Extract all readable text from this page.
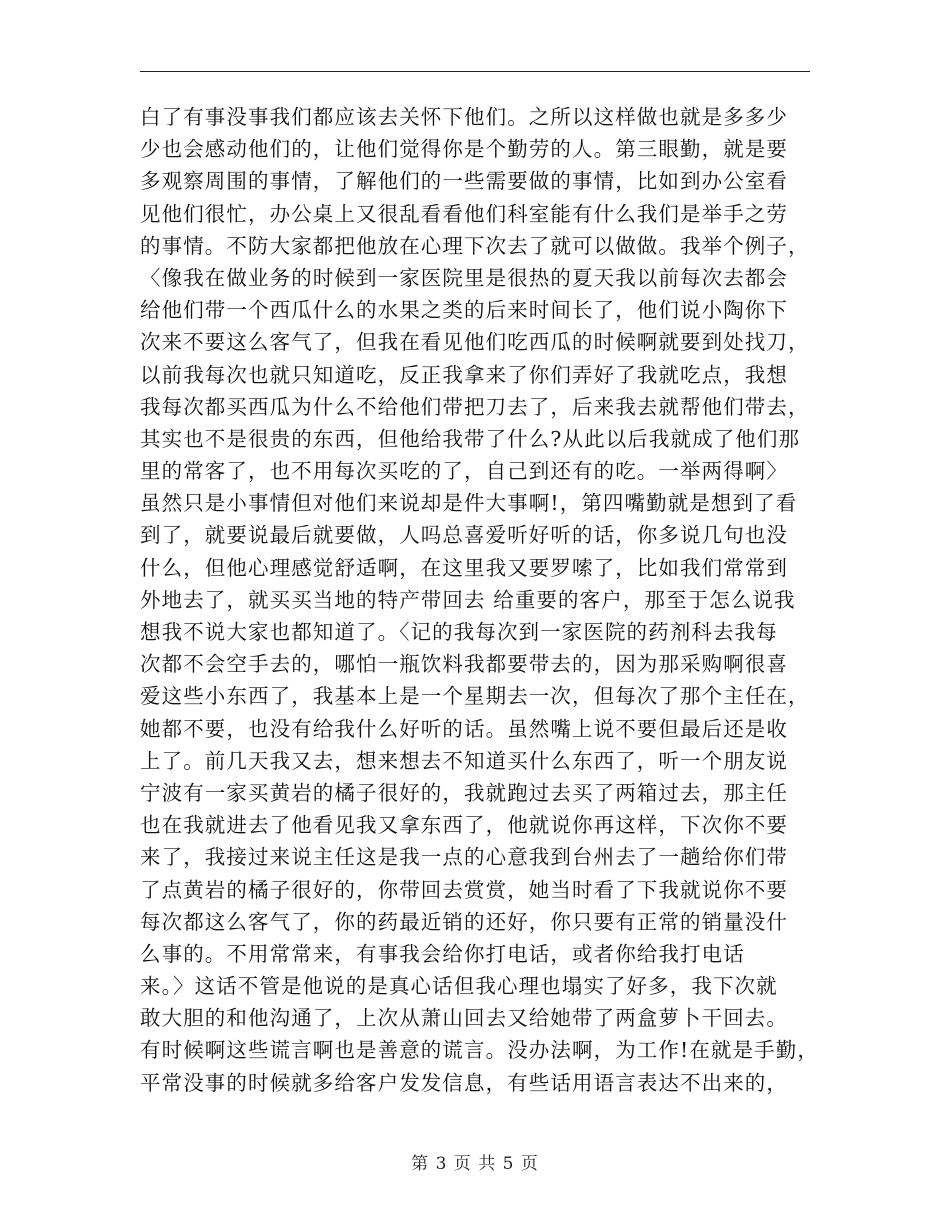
白了有事没事我们都应该去关怀下他们。之所以这样做也就是多多少
少也会感动他们的，让他们觉得你是个勤劳的人。第三眼勤，就是要
多观察周围的事情，了解他们的一些需要做的事情，比如到办公室看
见他们很忙，办公桌上又很乱看看他们科室能有什么我们是举手之劳
的事情。不防大家都把他放在心理下次去了就可以做做。我举个例子，
〈像我在做业务的时候到一家医院里是很热的夏天我以前每次去都会
给他们带一个西瓜什么的水果之类的后来时间长了，他们说小陶你下
次来不要这么客气了，但我在看见他们吃西瓜的时候啊就要到处找刀，
以前我每次也就只知道吃，反正我拿来了你们弄好了我就吃点，我想
我每次都买西瓜为什么不给他们带把刀去了，后来我去就帮他们带去，
其实也不是很贵的东西，但他给我带了什么?从此以后我就成了他们那
里的常客了，也不用每次买吃的了，自己到还有的吃。一举两得啊〉
虽然只是小事情但对他们来说却是件大事啊!，第四嘴勤就是想到了看
到了，就要说最后就要做，人吗总喜爱听好听的话，你多说几句也没
什么，但他心理感觉舒适啊，在这里我又要罗嗦了，比如我们常常到
外地去了，就买买当地的特产带回去 给重要的客户，那至于怎么说我
想我不说大家也都知道了。〈记的我每次到一家医院的药剂科去我每
次都不会空手去的，哪怕一瓶饮料我都要带去的，因为那采购啊很喜
爱这些小东西了，我基本上是一个星期去一次，但每次了那个主任在，
她都不要，也没有给我什么好听的话。虽然嘴上说不要但最后还是收
上了。前几天我又去，想来想去不知道买什么东西了，听一个朋友说
宁波有一家买黄岩的橘子很好的，我就跑过去买了两箱过去，那主任
也在我就进去了他看见我又拿东西了，他就说你再这样，下次你不要
来了，我接过来说主任这是我一点的心意我到台州去了一趟给你们带
了点黄岩的橘子很好的，你带回去赏赏，她当时看了下我就说你不要
每次都这么客气了，你的药最近销的还好，你只要有正常的销量没什
么事的。不用常常来，有事我会给你打电话，或者你给我打电话
来。〉这话不管是他说的是真心话但我心理也塌实了好多，我下次就
敢大胆的和他沟通了，上次从萧山回去又给她带了两盒萝卜干回去。
有时候啊这些谎言啊也是善意的谎言。没办法啊，为工作!在就是手勤，
平常没事的时候就多给客户发发信息，有些话用语言表达不出来的，
第 3 页 共 5 页
